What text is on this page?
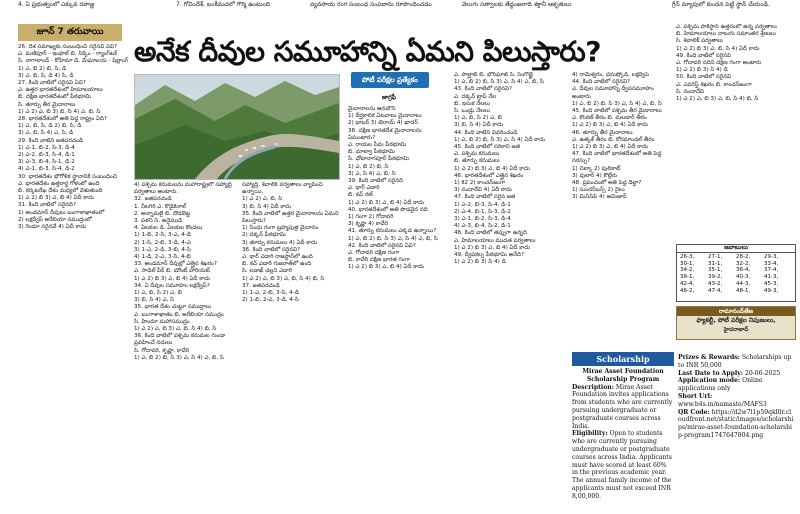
4. ఏ ప్రభుత్వంలో ఎక్కువ రవాణ్ణ	7. గోవిందేశ్, బంకీమచలో గౌర్మి ఉంటుంది	వ్యవసాయ రంగ సంబంధ సంపదాను రూపొందించడం	వెలుగు సత్వాలకు తేద్ధంజలాది శక్తానీ ఆకృతులు	గ్రీన్ మ్యాపులో కుందన పెట్టి స్థాన్ చేయండి.
జూన్ 7 తరువాయి
అనేక దీవుల సమూహాన్ని ఏమని పిలుస్తారు?

26. దేశ సమాఖ్యకు సంబంధించి సరైనవి ఏవి?

ఎ. మణిపూర్ - ఇంఫాల్ బి. సిక్కిం - గ్యాంగ్‌టక్

సి. నాగాలాండ్ - కోహిమా డి. మేఘాలయ - షిల్లాంగ్

1) ఎ, బి 2) బి, సి, డి

3) ఎ, బి, సి, డి 4) సి, డి

27. కింది వాటిలో సరైనవి ఏవి?

ఎ. ఉత్తర భారతదేశంలో హిమాలయాలు

బి. దక్షిణ భారతదేశంలో పీఠభూమి

సి. తూర్పు తీర మైదానాలు

1) ఎ 2) ఎ, బి 3) బి, సి 4) ఎ, బి, సి

28. భారతదేశంలో అతి పెద్ద రాష్ట్రం ఏది?

1) ఎ, బి, సి, డి 2) బి, సి, డి

3) ఎ, బి, సి 4) ఎ, సి, డి

29. కింది వాటిని జతపరచండి

1) ఎ-1, బి-2, సి-3, డి-4

2) ఎ-2, బి-3, సి-4, డి-1

3) ఎ-3, బి-4, సి-1, డి-2

4) ఎ-1, బి-3, సి-4, డి-2

30. భారతదేశం భౌగోళిక స్థానానికి సంబంధించి

ఎ. భారతదేశం ఉత్తరార్థ గోళంలో ఉంది

బి. కర్కటరేఖ దేశం మధ్యలో వెళుతుంది

1) ఎ 2) బి 3) ఎ, బి 4) ఏదీ కాదు

31. కింది వాటిలో సరైనది?

1) అండమాన్ దీవులు బంగాళాఖాతంలో

2) లక్షద్వీప్ అరేబియా సముద్రంలో

3) రెండూ సరైనవే 4) ఏదీ కాదు

4) పశ్చిమ కనుమలను మహారాష్ట్రలో సహ్యాద్రి పర్వతాలు అంటారు.

32. జతపరచండి

1. నీలగిరి ఎ. కొడైకెనాల్

2. అన్నామలై బి. దొడబెట్ట

3. పళని సి. అనైముడి

4. ఏలకుల డి. ఏలకుల కొండలు

1) 1-బి, 2-సి, 3-ఎ, 4-డి

2) 1-సి, 2-బి, 3-డి, 4-ఎ

3) 1-ఎ, 2-డి, 3-బి, 4-సి

4) 1-డి, 2-ఎ, 3-సి, 4-బి

33. అండమాన్ దీవుల్లో ఎత్తైన శిఖరం?

ఎ. సాడిల్ పీక్ బి. మౌంట్ హారియట్

1) ఎ 2) బి 3) ఎ, బి 4) ఏదీ కాదు

34. ఏ దీవుల సమూహం లక్షద్వీప్?

1) ఎ, బి, సి 2) ఎ, బి

3) బి, సి 4) ఎ, సి

35. భారత దేశం చుట్టూ సముద్రాలు

ఎ. బంగాళాఖాతం బి. అరేబియా సముద్రం

సి. హిందూ మహాసముద్రం

1) ఎ 2) ఎ, బి 3) ఎ, బి, సి 4) బి, సి

36. కింది వాటిలో పశ్చిమ కనుమల గుండా ప్రవహించే నదులు

సి. గోదావరి, కృష్ణా, కావేరి

1) ఎ, బి 2) బి, సి 3) ఎ, సి 4) ఎ, బి, సి

సహ్యాద్రి, శివాలిక్ పర్వతాలు వ్యాపించి ఉన్నాయి.

1) ఎ 2) ఎ, బి, సి

3) బి, సి 4) ఏదీ కాదు

35. కింది వాటిలో ఉత్తర మైదానాలను ఏమని పిలుస్తారు?

1) సింధు గంగా బ్రహ్మపుత్ర మైదానం

2) దక్కన్ పీఠభూమి

3) తూర్పు కనుమలు 4) ఏదీ కాదు

36. కింది వాటిలో సరైనవి?

ఎ. థార్ ఎడారి రాజస్థాన్‌లో ఉంది

బి. కచ్ ఎడారి గుజరాత్‌లో ఉంది

సి. లడాఖ్ చల్లని ఎడారి

1) ఎ 2) ఎ, బి 3) ఎ, బి, సి 4) బి, సి

37. జతపరచండి

1) 1-ఎ, 2-బి, 3-సి, 4-డి

2) 1-బి, 2-ఎ, 3-డి, 4-సి

పోటీ పరీక్షల ప్రత్యేకం
జాగ్రఫీ

మైదానాలను ఆనుకొని

1) దీర్ఘకాలిక ఏటవాలు మైదానాలు

2) భాబర్ 3) టెరాయ్ 4) ఖాదర్

38. దక్షిణ భారతదేశ మైదానాలను ఏమంటారు?

ఎ. రాయల సీమ పీఠభూమి

బి. మాల్వా పీఠభూమి

సి. ఛోటానాగపూర్ పీఠభూమి

1) ఎ, బి 2) బి, సి

3) ఎ, సి 4) ఎ, బి, సి

39. కింది వాటిలో సరైనది

ఎ. థార్ ఎడారి

బి. కచ్ రణ్

1) ఎ 2) బి 3) ఎ, బి 4) ఏదీ కాదు

40. భారతదేశంలో అతి పొడవైన నది

1) గంగా 2) గోదావరి

3) కృష్ణా 4) కావేరి

41. తూర్పు కనుమలు ఎక్కడ ఉన్నాయి?

1) ఎ, బి 2) బి, సి 3) ఎ, సి 4) ఎ, బి, సి

42. కింది వాటిలో సరైనవి ఏవి?

ఎ. గోదావరి దక్షిణ గంగా

బి. కావేరి దక్షిణ భారత గంగా

1) ఎ 2) బి 3) ఎ, బి 4) ఏదీ కాదు

ఎ. పాల్ఘాట్ బి. భోర్‌ఘాట్ సి. సెంగోట్టై

1) ఎ, బి 2) బి, సి 3) ఎ, సి 4) ఎ, బి, సి

43. కింది వాటిలో సరైనవి?

ఎ. దక్కన్ ట్రాప్ నేల

బి. ఇసుక నేలలు

సి. ఒండ్రు నేలలు

1) ఎ, బి, సి 2) ఎ, బి

3) బి, సి 4) ఏదీ కాదు

44. కింది వాటిని వివరించండి

1) ఎ, బి 2) బి, సి 3) ఎ, సి 4) ఏదీ కాదు

45. కింది వాటిలో సరికాని జత

ఎ. పశ్చిమ కనుమలు

బి. తూర్పు కనుమలు

1) ఎ 2) బి 3) ఎ, బి 4) ఏదీ కాదు

46. భారతదేశంలో ఎత్తైన శిఖరం

1) కె2 2) కాంచన్‌జంగా

3) నందాదేవి 4) ఏదీ కాదు

47. కింది వాటిలో సరైన జత

1) ఎ-2, బి-3, సి-4, డి-1

2) ఎ-4, బి-1, సి-3, డి-2

3) ఎ-1, బి-2, సి-3, డి-4

4) ఎ-3, బి-4, సి-2, డి-1

48. కింది వాటిలో తప్పుగా ఉన్నది

ఎ. హిమాలయాలు ముడత పర్వతాలు

1) ఎ 2) బి 3) ఎ, బి 4) ఏదీ కాదు

49. ద్వీపకల్ప పీఠభూమి అనేది?

1) ఎ 2) బి 3) సి 4) డి

4) రామేశ్వరం, ధనుష్కోడి, లక్షద్వీప్

44. కింది వాటిలో సరైనవి?

ఎ. దీవుల సమూహాన్ని ద్వీపసమూహం అంటారు

1) ఎ, బి 2) బి, సి 3) ఎ, సి 4) ఎ, బి, సి

45. కింది వాటిలో పశ్చిమ తీర మైదానాలు

ఎ. కొంకణ్ తీరం బి. మలబార్ తీరం

1) ఎ 2) బి 3) ఎ, బి 4) ఏదీ కాదు

46. తూర్పు తీర మైదానాలు

ఎ. ఉత్కళ్ తీరం బి. కోరమాండల్ తీరం

1) ఎ 2) బి 3) ఎ, బి 4) ఏదీ కాదు

47. కింది వాటిలో భారతదేశంలో అతి పెద్ద సరస్సు?

1) చిల్కా 2) పులికాట్

3) వులార్ 4) కొల్లేరు

48. ప్రపంచంలో అతి పెద్ద డెల్టా?

1) సుందర్‌బన్స్ 2) నైలు

3) మిసిసిపి 4) అమెజాన్

ఎ. పశ్చిమ పాకిస్థాన్ ఉత్తరంలో ఉన్న పర్వతాలు

బి. హిమాలయాలు నాలుగు సమాంతర శ్రేణులు

సి. శివాలిక్ పర్వతాలు

1) ఎ 2) బి 3) ఎ, బి, సి 4) ఏదీ కాదు

49. కింది వాటిలో సరైనవి

ఎ. గోదావరి నదిని దక్షిణ గంగా అంటారు

1) ఎ 2) బి 3) సి 4) డి

50. కింది వాటిలో సరైనవి

ఎ. ఎవరెస్ట్ శిఖరం బి. కాంచన్‌జంగా

సి. నందాదేవి

1) ఎ 2) ఎ, బి 3) ఎ, బి, సి 4) బి, సి

జవాబులు
26-3,	27-1,	28-2,	29-3,
30-1,	31-1,	32-2,	33-4,
34-2,	35-1,	36-4,	37-4,
38-1,	39-2,	40-3,	41-3,
42-4,	43-2,	44-3,	45-3,
46-2,	47-4,	48-1,	49-3,
రామానంద్‌తేజ
ఫ్యాకల్టీ, పోటీ పరీక్షల నిపుణులు,
హైదరాబాద్
Scholarship

Mirae Asset Foundation Scholarship Program

Description: Mirae Asset Foundation invites applications from students who are currently pursuing undergraduate or postgraduate courses across India.

Eligibility: Open to students who are currently pursuing undergraduate or postgraduate courses across India. Applicants must have scored at least 60% in the previous academic year. The annual family income of the applicants must not exceed INR 8,00,000.

Prizes & Rewards: Scholarships up to INR 50,000

Last Date to Apply: 20-06-2025

Application mode: Online applications only

Short Url: www.b4s.in/namaste/MAFS3

QR Code: https://d2w7l1p59qkl0r.cloudfront.net/static/images/scholarships/mirae-asset-foundation-scholarship-program1747647804.png
